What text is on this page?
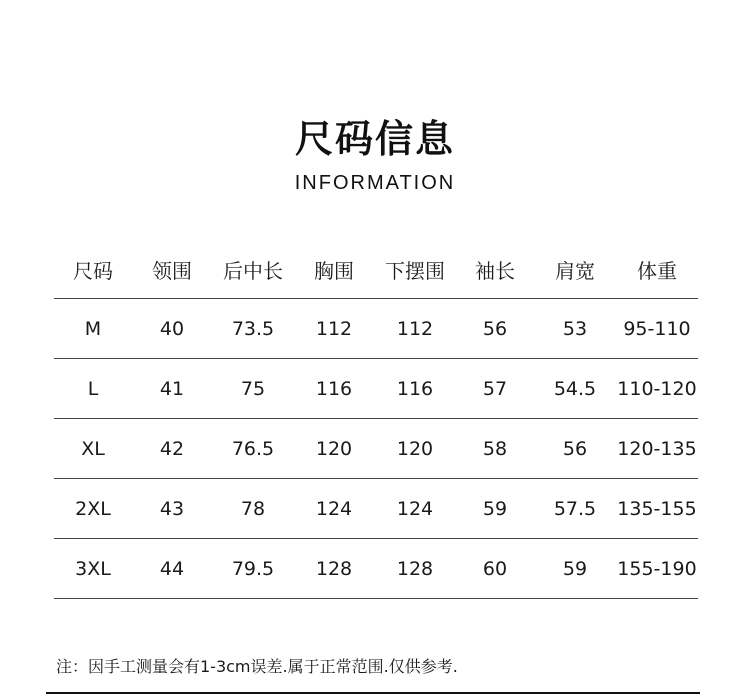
尺码信息
INFORMATION
尺码	领围	后中长	胸围	下摆围	袖长	肩宽	体重
M	40	73.5	112	112	56	53	95-110
L	41	75	116	116	57	54.5	110-120
XL	42	76.5	120	120	58	56	120-135
2XL	43	78	124	124	59	57.5	135-155
3XL	44	79.5	128	128	60	59	155-190
注：因手工测量会有1-3cm误差.属于正常范围.仅供参考.
